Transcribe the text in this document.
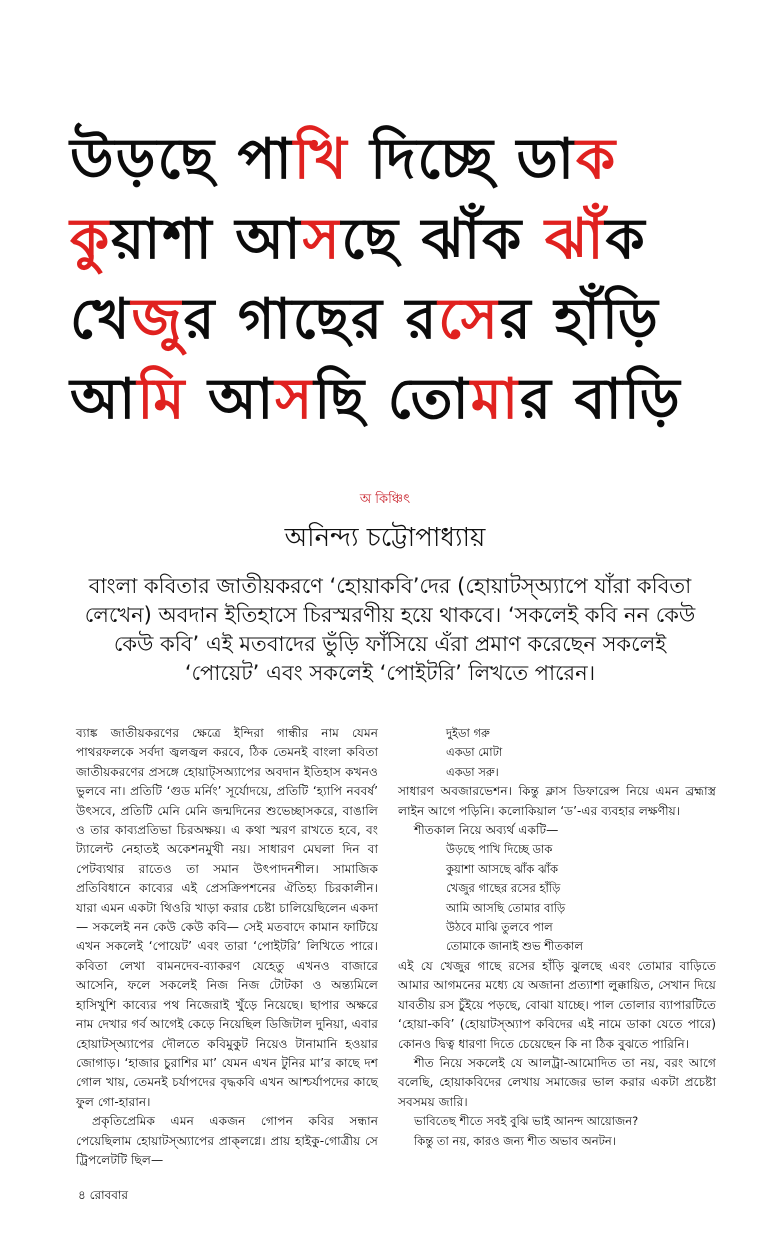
উড়ছে পাখি দিচ্ছে ডাক
কুয়াশা আসছে ঝাঁক ঝাঁক
খেজুর গাছের রসের হাঁড়ি
আমি আসছি তোমার বাড়ি
অ কিঞ্চিৎ
অনিন্দ্য চট্টোপাধ্যায়
বাংলা কবিতার জাতীয়করণে ‘হোয়াকবি’দের (হোয়াটস্‌অ্যাপে যাঁরা কবিতা লেখেন) অবদান ইতিহাসে চিরস্মরণীয় হয়ে থাকবে। ‘সকলেই কবি নন কেউ কেউ কবি’ এই মতবাদের ভুঁড়ি ফাঁসিয়ে এঁরা প্রমাণ করেছেন সকলেই ‘পোয়েট’ এবং সকলেই ‘পোইটরি’ লিখতে পারেন।

ব্যাঙ্ক জাতীয়করণের ক্ষেত্রে ইন্দিরা গান্ধীর নাম যেমন পাথরফলকে সর্বদা জ্বলজ্বল করবে, ঠিক তেমনই বাংলা কবিতা জাতীয়করণের প্রসঙ্গে হোয়াট্‌সঅ্যাপের অবদান ইতিহাস কখনও ভুলবে না। প্রতিটি ‘গুড মর্নিং’ সূর্যোদয়ে, প্রতিটি ‘হ্যাপি নববর্ষ’ উৎসবে, প্রতিটি মেনি মেনি জন্মদিনের শুভেচ্ছাসকরে, বাঙালি ও তার কাব্যপ্রতিভা চিরঅক্ষয়। এ কথা স্মরণ রাখতে হবে, বং ট্যালেন্ট নেহাতই অকেশনমুখী নয়। সাধারণ মেঘলা দিন বা পেটব্যথার রাতেও তা সমান উৎপাদনশীল। সামাজিক প্রতিবিধানে কাব্যের এই প্রেসক্রিপশনের ঐতিহ্য চিরকালীন। যারা এমন একটা থিওরি খাড়া করার চেষ্টা চালিয়েছিলেন একদা— সকলেই নন কেউ কেউ কবি— সেই মতবাদে কামান ফাটিয়ে এখন সকলেই ‘পোয়েট’ এবং তারা ‘পোইটরি’ লিখিতে পারে। কবিতা লেখা বামনদেব-ব্যাকরণ যেহেতু এখনও বাজারে আসেনি, ফলে সকলেই নিজ নিজ টোটকা ও অন্ত্যমিলে হাসিখুশি কাব্যের পথ নিজেরাই খুঁড়ে নিয়েছে। ছাপার অক্ষরে নাম দেখার গর্ব আগেই কেড়ে নিয়েছিল ডিজিটাল দুনিয়া, এবার হোয়াটস্‌অ্যাপের দৌলতে কবিমুকুট নিয়েও টানামানি হওয়ার জোগাড়। ‘হাজার চুরাশির মা’ যেমন এখন টুনির মা’র কাছে দশ গোল খায়, তেমনই চর্যাপদের বৃদ্ধকবি এখন আশ্চর্যাপদের কাছে ফুল গো-হারান।

প্রকৃতিপ্রেমিক এমন একজন গোপন কবির সন্ধান পেয়েছিলাম হোয়াটস্‌অ্যাপের প্রাক্‌লগ্নে। প্রায় হাইকু-গোত্রীয় সে ট্রিপলেটটি ছিল—

দুইডা গরু

একডা মোটা

একডা সরু।

সাধারণ অবজারভেশন। কিন্তু ক্লাস ডিফারেন্স নিয়ে এমন ব্রহ্মাস্ত্র লাইন আগে পড়িনি। কলোকিয়াল ‘ড’-এর ব্যবহার লক্ষণীয়।

শীতকাল নিয়ে অব্যর্থ একটি—

উড়ছে পাখি দিচ্ছে ডাক

কুয়াশা আসছে ঝাঁক ঝাঁক

খেজুর গাছের রসের হাঁড়ি

আমি আসছি তোমার বাড়ি

উঠবে মাঝি তুলবে পাল

তোমাকে জানাই শুভ শীতকাল

এই যে খেজুর গাছে রসের হাঁড়ি ঝুলছে এবং তোমার বাড়িতে আমার আগমনের মধ্যে যে অজানা প্রত্যাশা লুক্কায়িত, সেখান দিয়ে যাবতীয় রস চুঁইয়ে পড়ছে, বোঝা যাচ্ছে। পাল তোলার ব্যাপারটিতে ‘হোয়া-কবি’ (হোয়াটস্‌অ্যাপ কবিদের এই নামে ডাকা যেতে পারে) কোনও দ্বিত্ব ধারণা দিতে চেয়েছেন কি না ঠিক বুঝতে পারিনি।

শীত নিয়ে সকলেই যে আলট্রা-আমোদিত তা নয়, বরং আগে বলেছি, হোয়াকবিদের লেখায় সমাজের ভাল করার একটা প্রচেষ্টা সবসময় জারি।

ভাবিতেছ শীতে সবই বুঝি ভাই আনন্দ আয়োজন?

কিন্তু তা নয়, কারও জন্য শীত অভাব অনটন।

৪ রোববার
